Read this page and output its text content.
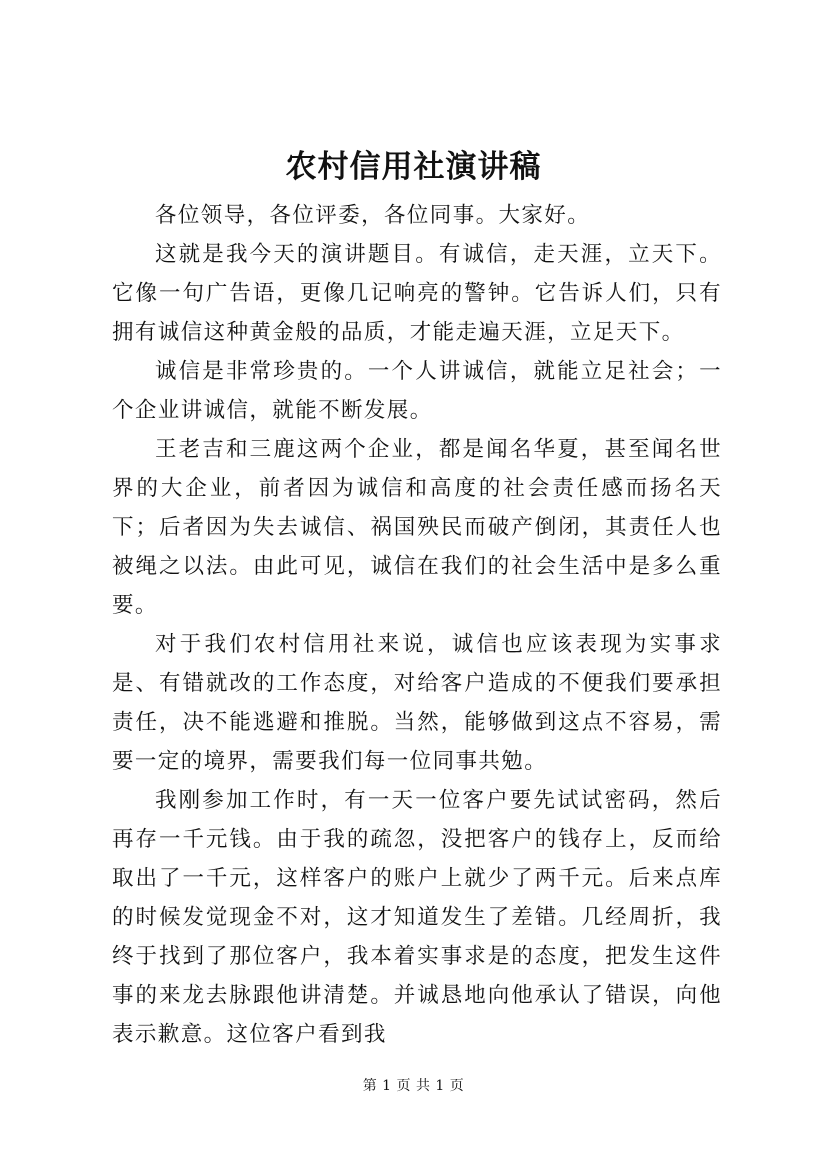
农村信用社演讲稿

各位领导，各位评委，各位同事。大家好。

这就是我今天的演讲题目。有诚信，走天涯，立天下。它像一句广告语，更像几记响亮的警钟。它告诉人们，只有拥有诚信这种黄金般的品质，才能走遍天涯，立足天下。

诚信是非常珍贵的。一个人讲诚信，就能立足社会；一个企业讲诚信，就能不断发展。

王老吉和三鹿这两个企业，都是闻名华夏，甚至闻名世界的大企业，前者因为诚信和高度的社会责任感而扬名天下；后者因为失去诚信、祸国殃民而破产倒闭，其责任人也被绳之以法。由此可见，诚信在我们的社会生活中是多么重要。

对于我们农村信用社来说，诚信也应该表现为实事求是、有错就改的工作态度，对给客户造成的不便我们要承担责任，决不能逃避和推脱。当然，能够做到这点不容易，需要一定的境界，需要我们每一位同事共勉。

我刚参加工作时，有一天一位客户要先试试密码，然后再存一千元钱。由于我的疏忽，没把客户的钱存上，反而给取出了一千元，这样客户的账户上就少了两千元。后来点库的时候发觉现金不对，这才知道发生了差错。几经周折，我终于找到了那位客户，我本着实事求是的态度，把发生这件事的来龙去脉跟他讲清楚。并诚恳地向他承认了错误，向他表示歉意。这位客户看到我

第 1 页 共 1 页
